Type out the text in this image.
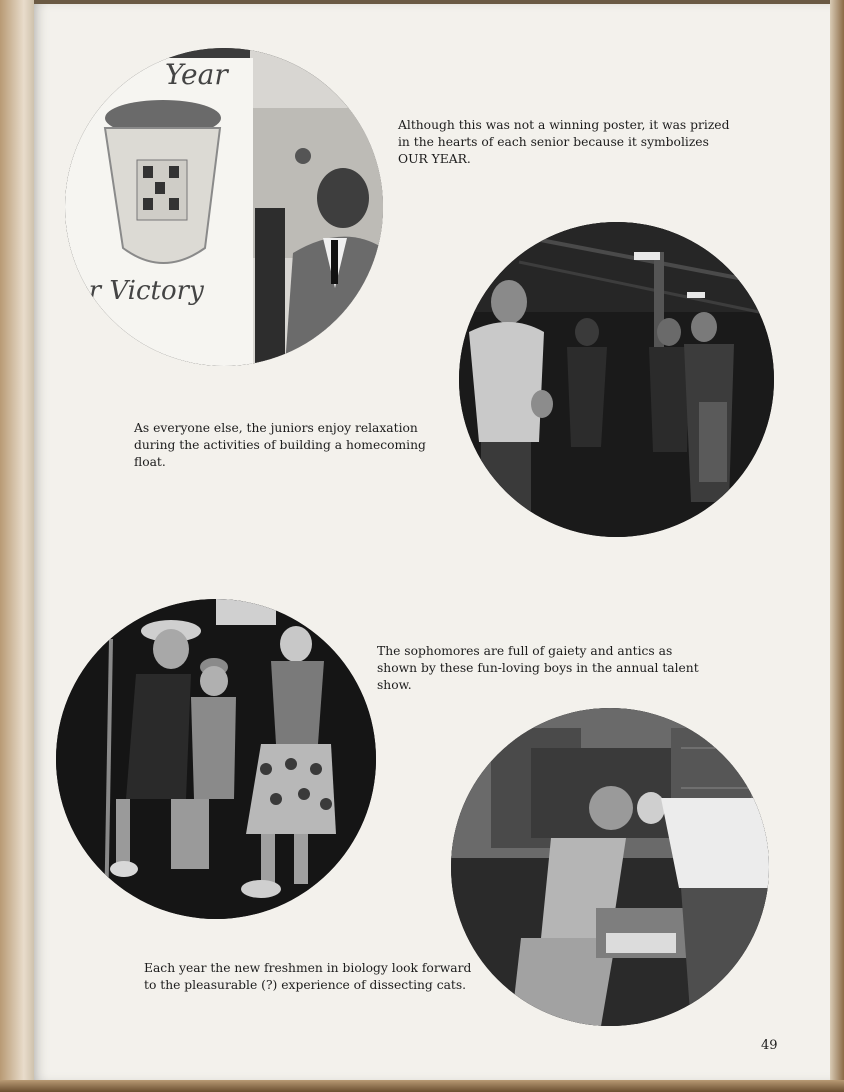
Year
or Victory
Although this was not a winning poster, it was prized in the hearts of each senior because it symbolizes OUR YEAR.
As everyone else, the juniors enjoy relaxation during the activities of building a homecoming float.
The sophomores are full of gaiety and antics as shown by these fun-loving boys in the annual talent show.
Each year the new freshmen in biology look forward to the pleasurable (?) experience of dissecting cats.
49
